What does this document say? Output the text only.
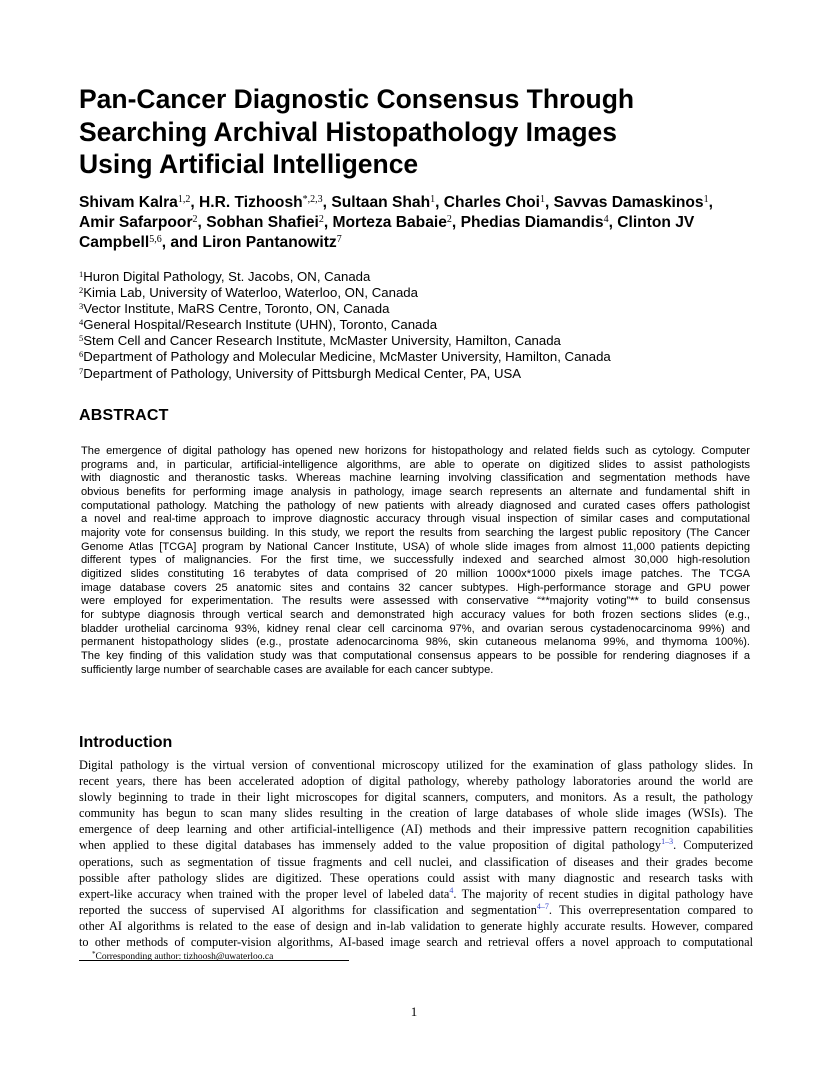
Pan-Cancer Diagnostic Consensus Through
Searching Archival Histopathology Images
Using Artificial Intelligence
Shivam Kalra$^{1,2}$, H.R. Tizhoosh$^{*,2,3}$, Sultaan Shah$^1$, Charles Choi$^1$, Savvas Damaskinos$^1$,
Amir Safarpoor$^2$, Sobhan Shafiei$^2$, Morteza Babaie$^2$, Phedias Diamandis$^4$, Clinton JV
Campbell$^{5,6}$, and Liron Pantanowitz$^7$
$^1$Huron Digital Pathology, St. Jacobs, ON, Canada
$^2$Kimia Lab, University of Waterloo, Waterloo, ON, Canada
$^3$Vector Institute, MaRS Centre, Toronto, ON, Canada
$^4$General Hospital/Research Institute (UHN), Toronto, Canada
$^5$Stem Cell and Cancer Research Institute, McMaster University, Hamilton, Canada
$^6$Department of Pathology and Molecular Medicine, McMaster University, Hamilton, Canada
$^7$Department of Pathology, University of Pittsburgh Medical Center, PA, USA
ABSTRACT
The emergence of digital pathology has opened new horizons for histopathology and related fields such as cytology. Computer
programs and, in particular, artificial-intelligence algorithms, are able to operate on digitized slides to assist pathologists
with diagnostic and theranostic tasks. Whereas machine learning involving classification and segmentation methods have
obvious benefits for performing image analysis in pathology, image search represents an alternate and fundamental shift in
computational pathology. Matching the pathology of new patients with already diagnosed and curated cases offers pathologist
a novel and real-time approach to improve diagnostic accuracy through visual inspection of similar cases and computational
majority vote for consensus building. In this study, we report the results from searching the largest public repository (The Cancer
Genome Atlas [TCGA] program by National Cancer Institute, USA) of whole slide images from almost 11,000 patients depicting
different types of malignancies. For the first time, we successfully indexed and searched almost 30,000 high-resolution
digitized slides constituting 16 terabytes of data comprised of 20 million 1000x*1000 pixels image patches. The TCGA
image database covers 25 anatomic sites and contains 32 cancer subtypes. High-performance storage and GPU power
were employed for experimentation. The results were assessed with conservative “**majority voting”** to build consensus
for subtype diagnosis through vertical search and demonstrated high accuracy values for both frozen sections slides (e.g.,
bladder urothelial carcinoma 93%, kidney renal clear cell carcinoma 97%, and ovarian serous cystadenocarcinoma 99%) and
permanent histopathology slides (e.g., prostate adenocarcinoma 98%, skin cutaneous melanoma 99%, and thymoma 100%).
The key finding of this validation study was that computational consensus appears to be possible for rendering diagnoses if a
sufficiently large number of searchable cases are available for each cancer subtype.
Introduction
Digital pathology is the virtual version of conventional microscopy utilized for the examination of glass pathology slides. In
recent years, there has been accelerated adoption of digital pathology, whereby pathology laboratories around the world are
slowly beginning to trade in their light microscopes for digital scanners, computers, and monitors. As a result, the pathology
community has begun to scan many slides resulting in the creation of large databases of whole slide images (WSIs). The
emergence of deep learning and other artificial-intelligence (AI) methods and their impressive pattern recognition capabilities
when applied to these digital databases has immensely added to the value proposition of digital pathology$^{1-3}$. Computerized
operations, such as segmentation of tissue fragments and cell nuclei, and classification of diseases and their grades become
possible after pathology slides are digitized. These operations could assist with many diagnostic and research tasks with
expert-like accuracy when trained with the proper level of labeled data$^4$. The majority of recent studies in digital pathology have
reported the success of supervised AI algorithms for classification and segmentation$^{4-7}$. This overrepresentation compared to
other AI algorithms is related to the ease of design and in-lab validation to generate highly accurate results. However, compared
to other methods of computer-vision algorithms, AI-based image search and retrieval offers a novel approach to computational
*Corresponding author: tizhoosh@uwaterloo.ca
1
